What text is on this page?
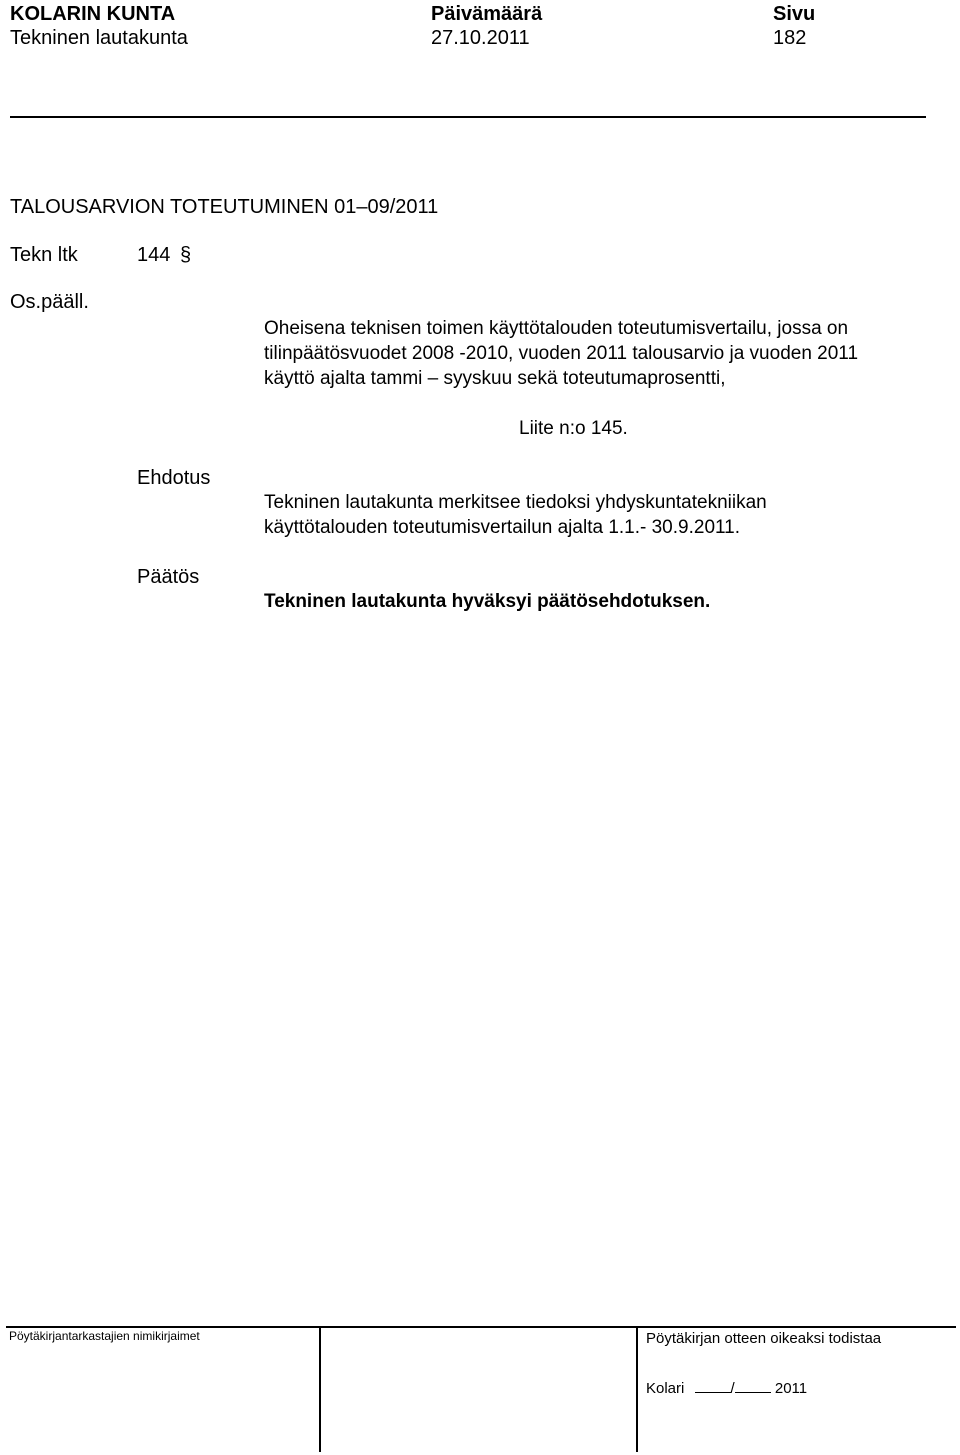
KOLARIN KUNTA	Päivämäärä	Sivu
Tekninen lautakunta	27.10.2011	182
TALOUSARVION TOTEUTUMINEN 01–09/2011
Tekn ltk	144 §
Os.pääll.
Oheisena teknisen toimen käyttötalouden toteutumisvertailu, jossa on
tilinpäätösvuodet 2008 -2010, vuoden 2011 talousarvio ja vuoden 2011
käyttö ajalta tammi – syyskuu sekä toteutumaprosentti,
Liite n:o 145.
Ehdotus
Tekninen lautakunta merkitsee tiedoksi yhdyskuntatekniikan
käyttötalouden toteutumisvertailun ajalta 1.1.- 30.9.2011.
Päätös
Tekninen lautakunta hyväksyi päätösehdotuksen.
Pöytäkirjantarkastajien nimikirjaimet	Pöytäkirjan otteen oikeaksi todistaa
Kolari	/	2011
